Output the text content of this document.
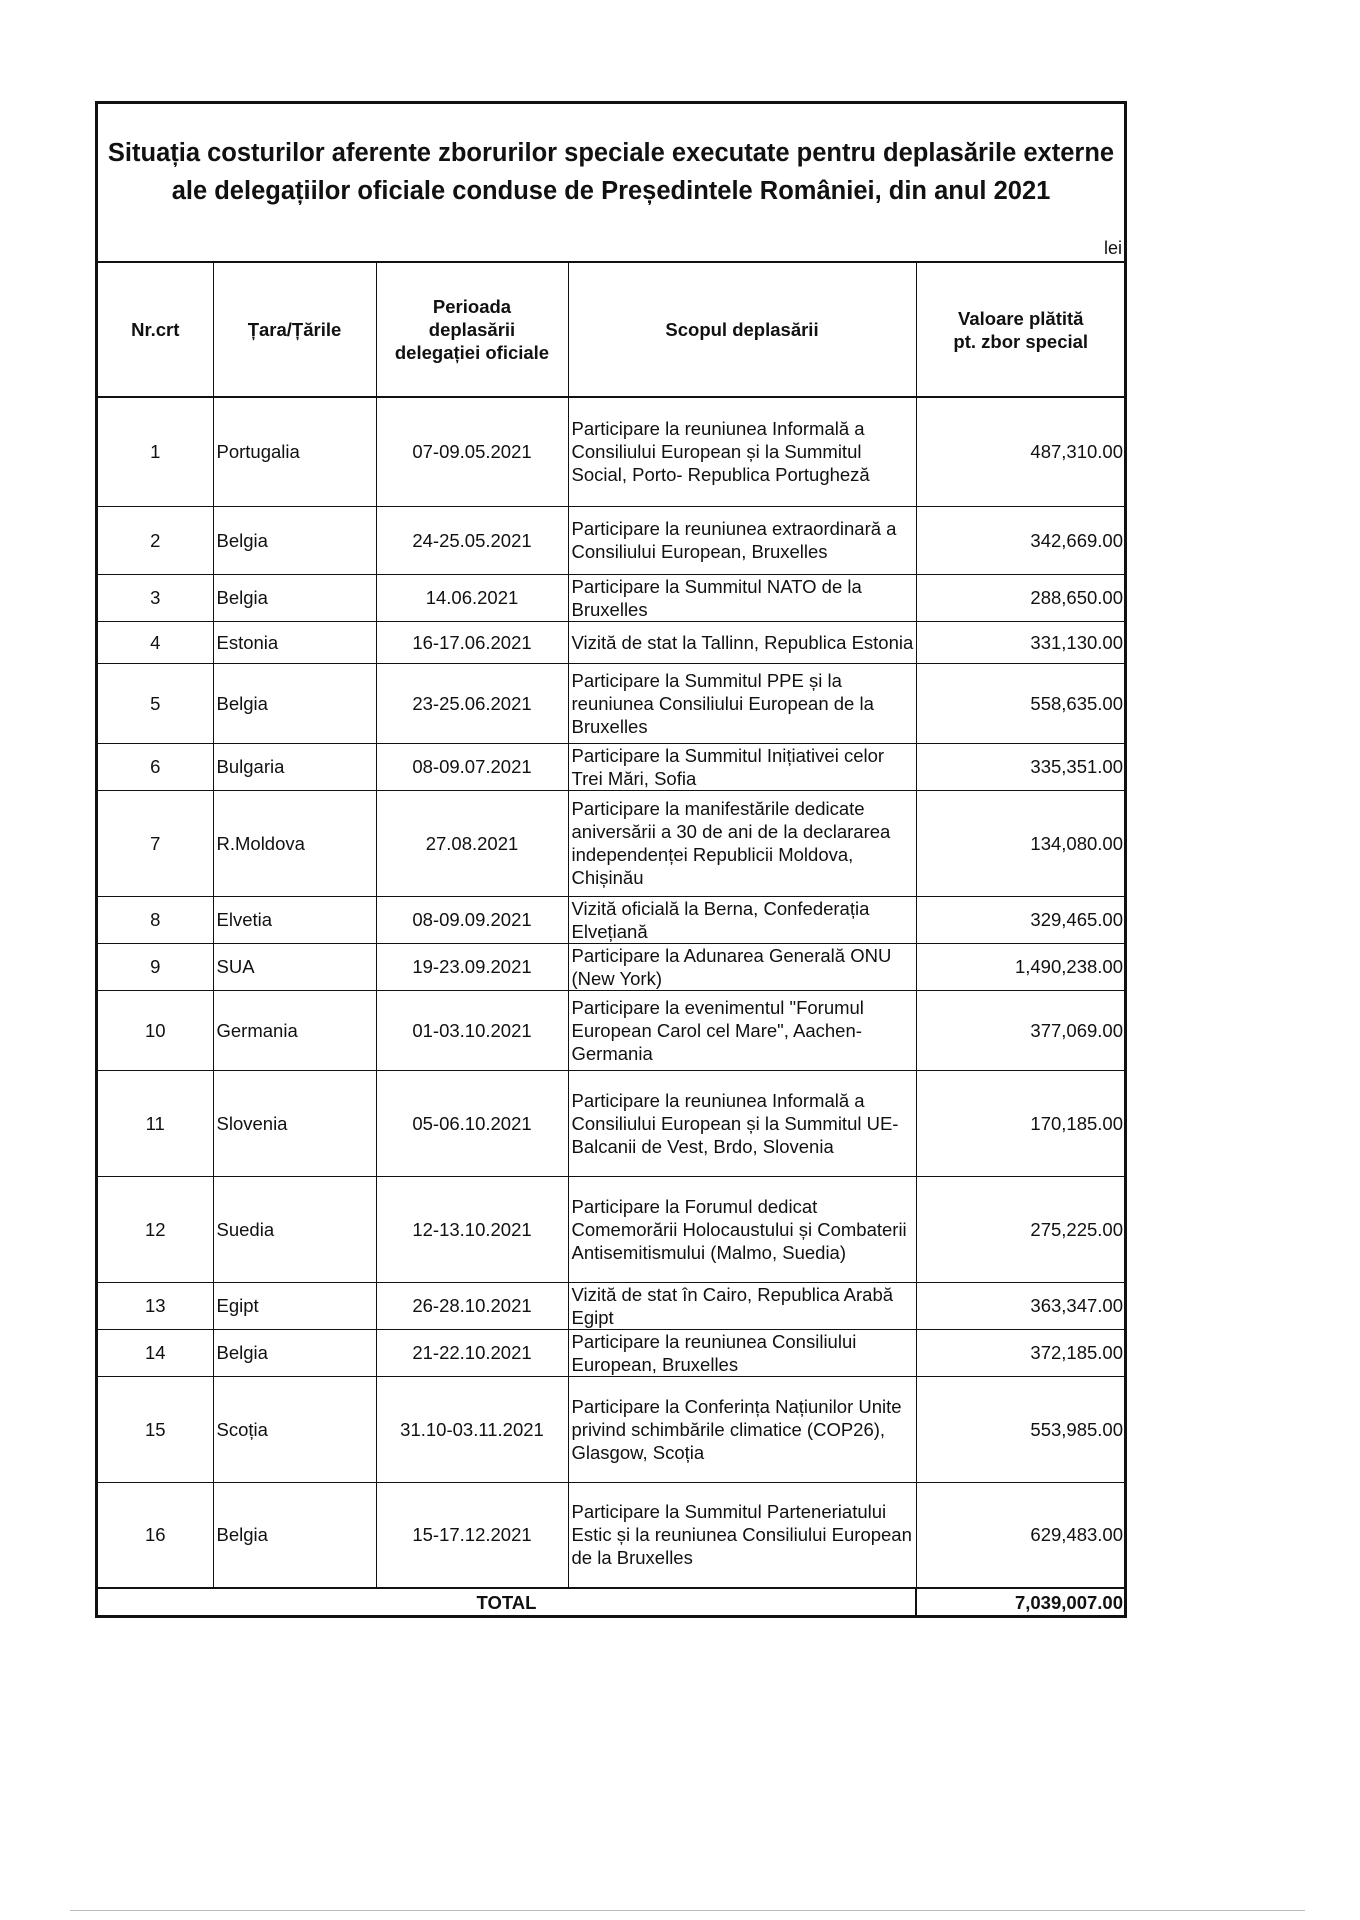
Situația costurilor aferente zborurilor speciale executate pentru deplasările externe
ale delegațiilor oficiale conduse de Președintele României, din anul 2021
lei
Nr.crt	Țara/Țările	Perioada deplasării delegației oficiale	Scopul deplasării	Valoare plătită pt. zbor special
1	Portugalia	07-09.05.2021	Participare la reuniunea Informală a Consiliului European și la Summitul Social, Porto- Republica Portugheză	487,310.00
2	Belgia	24-25.05.2021	Participare la reuniunea extraordinară a Consiliului European, Bruxelles	342,669.00
3	Belgia	14.06.2021	Participare la Summitul NATO de la Bruxelles	288,650.00
4	Estonia	16-17.06.2021	Vizită de stat la Tallinn, Republica Estonia	331,130.00
5	Belgia	23-25.06.2021	Participare la Summitul PPE și la reuniunea Consiliului European de la Bruxelles	558,635.00
6	Bulgaria	08-09.07.2021	Participare la Summitul Inițiativei celor Trei Mări, Sofia	335,351.00
7	R.Moldova	27.08.2021	Participare la manifestările dedicate aniversării a 30 de ani de la declararea independenței Republicii Moldova, Chișinău	134,080.00
8	Elvetia	08-09.09.2021	Vizită oficială la Berna, Confederația Elvețiană	329,465.00
9	SUA	19-23.09.2021	Participare la Adunarea Generală ONU (New York)	1,490,238.00
10	Germania	01-03.10.2021	Participare la evenimentul "Forumul European Carol cel Mare", Aachen- Germania	377,069.00
11	Slovenia	05-06.10.2021	Participare la reuniunea Informală a Consiliului European și la Summitul UE-Balcanii de Vest, Brdo, Slovenia	170,185.00
12	Suedia	12-13.10.2021	Participare la Forumul dedicat Comemorării Holocaustului și Combaterii Antisemitismului (Malmo, Suedia)	275,225.00
13	Egipt	26-28.10.2021	Vizită de stat în Cairo, Republica Arabă Egipt	363,347.00
14	Belgia	21-22.10.2021	Participare la reuniunea Consiliului European, Bruxelles	372,185.00
15	Scoția	31.10-03.11.2021	Participare la Conferința Națiunilor Unite privind schimbările climatice (COP26), Glasgow, Scoția	553,985.00
16	Belgia	15-17.12.2021	Participare la Summitul Parteneriatului Estic și la reuniunea Consiliului European de la Bruxelles	629,483.00
TOTAL				7,039,007.00
